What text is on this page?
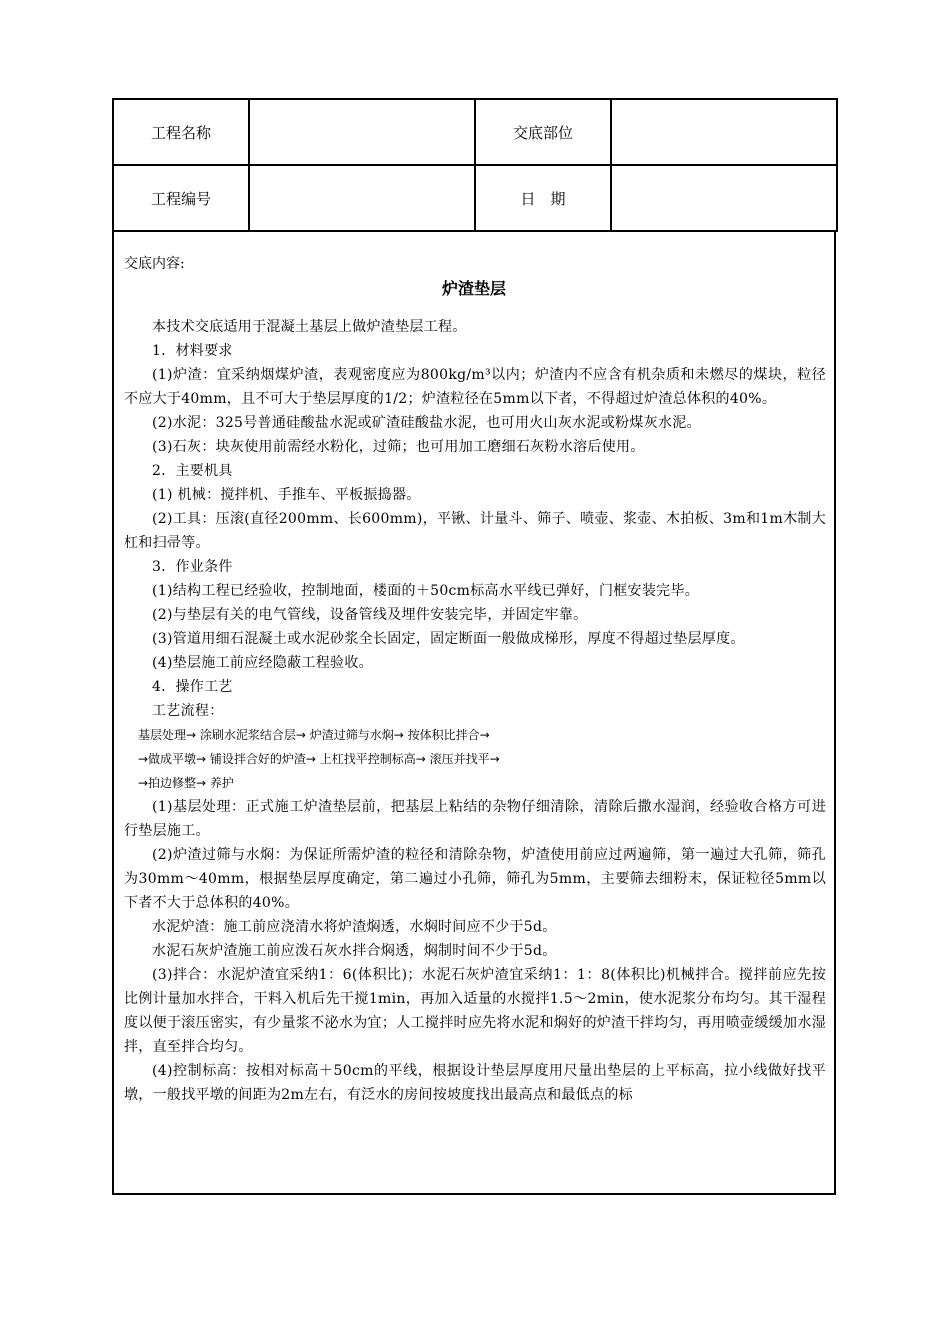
工程名称		交底部位	
工程编号		日　期	
交底内容:
炉渣垫层

本技术交底适用于混凝土基层上做炉渣垫层工程。

1．材料要求

(1)炉渣：宜采纳烟煤炉渣，表观密度应为800kg/m³以内；炉渣内不应含有机杂质和未燃尽的煤块，粒径不应大于40mm，且不可大于垫层厚度的1/2；炉渣粒径在5mm以下者，不得超过炉渣总体积的40%。

(2)水泥：325号普通硅酸盐水泥或矿渣硅酸盐水泥，也可用火山灰水泥或粉煤灰水泥。

(3)石灰：块灰使用前需经水粉化，过筛；也可用加工磨细石灰粉水溶后使用。

2．主要机具

(1) 机械：搅拌机、手推车、平板振捣器。

(2)工具：压滚(直径200mm、长600mm)，平锹、计量斗、筛子、喷壶、浆壶、木拍板、3m和1m木制大杠和扫帚等。

3．作业条件

(1)结构工程已经验收，控制地面，楼面的＋50cm标高水平线已弹好，门框安装完毕。

(2)与垫层有关的电气管线，设备管线及埋件安装完毕，并固定牢靠。

(3)管道用细石混凝土或水泥砂浆全长固定，固定断面一般做成梯形，厚度不得超过垫层厚度。

(4)垫层施工前应经隐蔽工程验收。

4．操作工艺

工艺流程：

基层处理→ 涂刷水泥浆结合层→ 炉渣过筛与水焖→ 按体积比拌合→

→做成平墩→ 铺设拌合好的炉渣→ 上杠找平控制标高→ 滚压并找平→

→拍边修整→ 养护

(1)基层处理：正式施工炉渣垫层前，把基层上粘结的杂物仔细清除，清除后撒水湿润，经验收合格方可进行垫层施工。

(2)炉渣过筛与水焖：为保证所需炉渣的粒径和清除杂物，炉渣使用前应过两遍筛，第一遍过大孔筛，筛孔为30mm～40mm，根据垫层厚度确定，第二遍过小孔筛，筛孔为5mm，主要筛去细粉末，保证粒径5mm以下者不大于总体积的40%。

水泥炉渣：施工前应浇清水将炉渣焖透，水焖时间应不少于5d。

水泥石灰炉渣施工前应泼石灰水拌合焖透，焖制时间不少于5d。

(3)拌合：水泥炉渣宜采纳1：6(体积比)；水泥石灰炉渣宜采纳1：1：8(体积比)机械拌合。搅拌前应先按比例计量加水拌合，干料入机后先干搅1min，再加入适量的水搅拌1.5～2min，使水泥浆分布均匀。其干湿程度以便于滚压密实，有少量浆不泌水为宜；人工搅拌时应先将水泥和焖好的炉渣干拌均匀，再用喷壶缓缓加水湿拌，直至拌合均匀。

(4)控制标高：按相对标高＋50cm的平线，根据设计垫层厚度用尺量出垫层的上平标高，拉小线做好找平墩，一般找平墩的间距为2m左右，有泛水的房间按坡度找出最高点和最低点的标
